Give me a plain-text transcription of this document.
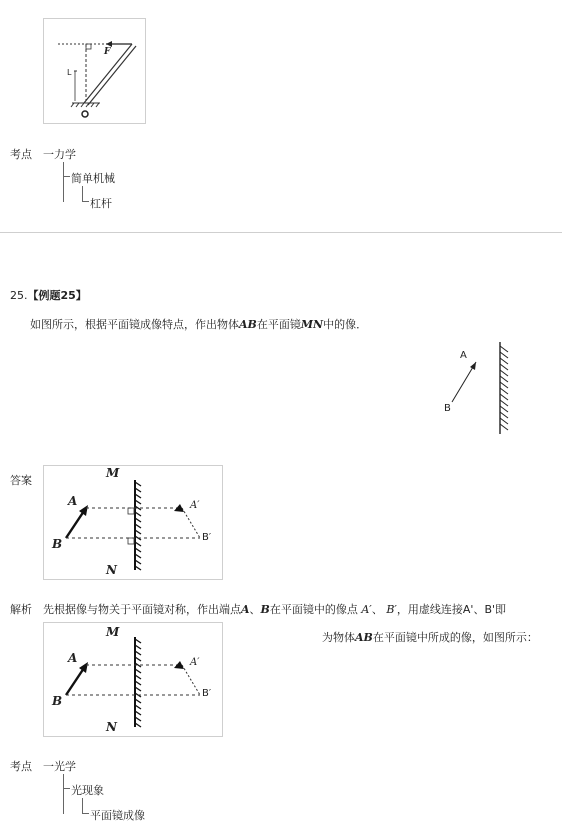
F
L
考点 一力学
简单机械
杠杆
25.【例题25】
如图所示，根据平面镜成像特点，作出物体AB在平面镜MN中的像．
A
B
答案
M
N
A
B
A′
B′
解析 先根据像与物关于平面镜对称，作出端点A、B在平面镜中的像点 A′、 B′，用虚线连接A'、B'即
为物体AB在平面镜中所成的像，如图所示：
M
N
A
B
A′
B′
考点 一光学
光现象
平面镜成像
